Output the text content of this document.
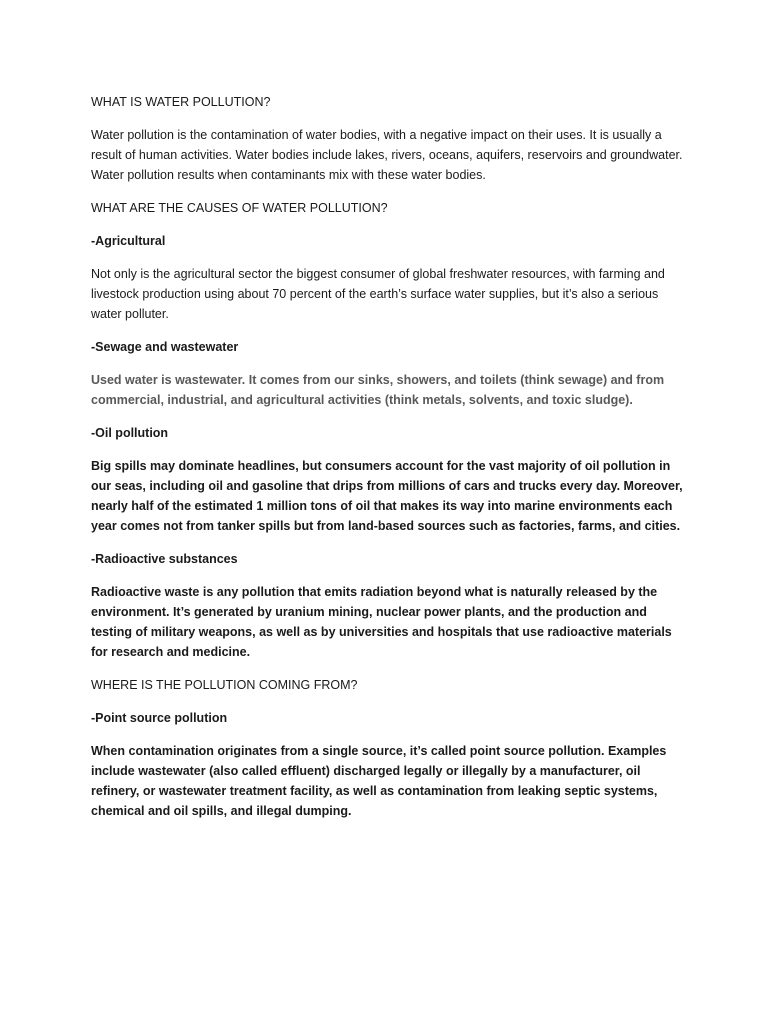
WHAT IS WATER POLLUTION?

Water pollution is the contamination of water bodies, with a negative impact on their uses. It is usually a result of human activities. Water bodies include lakes, rivers, oceans, aquifers, reservoirs and groundwater. Water pollution results when contaminants mix with these water bodies.

WHAT ARE THE CAUSES OF WATER POLLUTION?

-Agricultural

Not only is the agricultural sector the biggest consumer of global freshwater resources, with farming and livestock production using about 70 percent of the earth’s surface water supplies, but it’s also a serious water polluter.

-Sewage and wastewater

Used water is wastewater. It comes from our sinks, showers, and toilets (think sewage) and from commercial, industrial, and agricultural activities (think metals, solvents, and toxic sludge).

-Oil pollution

Big spills may dominate headlines, but consumers account for the vast majority of oil pollution in our seas, including oil and gasoline that drips from millions of cars and trucks every day. Moreover, nearly half of the estimated 1 million tons of oil that makes its way into marine environments each year comes not from tanker spills but from land-based sources such as factories, farms, and cities.

-Radioactive substances

Radioactive waste is any pollution that emits radiation beyond what is naturally released by the environment. It’s generated by uranium mining, nuclear power plants, and the production and testing of military weapons, as well as by universities and hospitals that use radioactive materials for research and medicine.

WHERE IS THE POLLUTION COMING FROM?

-Point source pollution

When contamination originates from a single source, it’s called point source pollution. Examples include wastewater (also called effluent) discharged legally or illegally by a manufacturer, oil refinery, or wastewater treatment facility, as well as contamination from leaking septic systems, chemical and oil spills, and illegal dumping.
